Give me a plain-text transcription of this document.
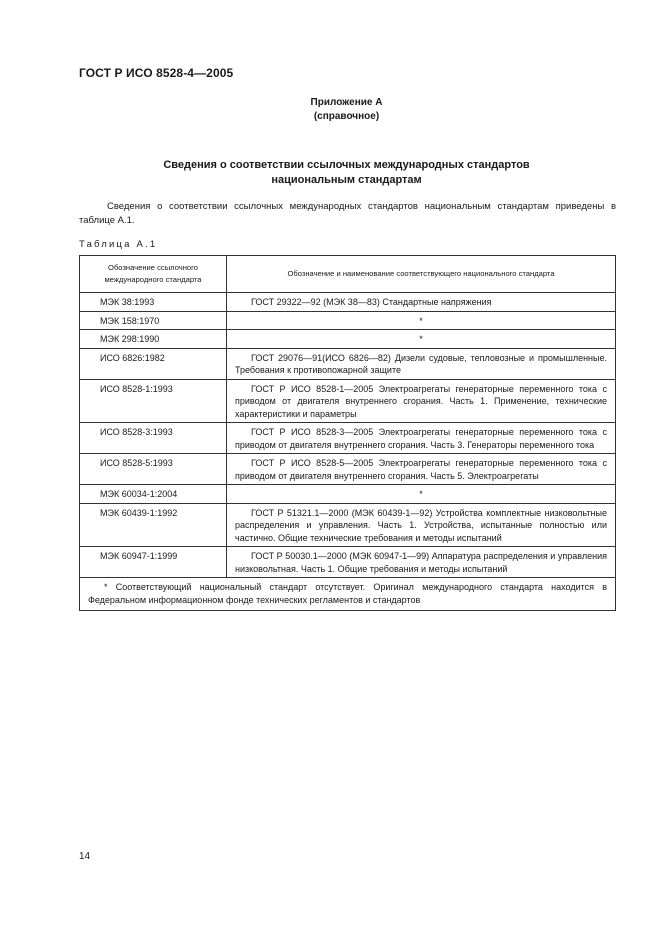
ГОСТ Р ИСО 8528-4—2005
Приложение А
(справочное)
Сведения о соответствии ссылочных международных стандартов
национальным стандартам
Сведения о соответствии ссылочных международных стандартов национальным стандартам приведены в таблице А.1.
Таблица А.1
Обозначение ссылочного международного стандарта	Обозначение и наименование соответствующего национального стандарта
МЭК 38:1993	ГОСТ 29322—92 (МЭК 38—83) Стандартные напряжения

МЭК 158:1970	*
МЭК 298:1990	*
ИСО 6826:1982	ГОСТ 29076—91(ИСО 6826—82) Дизели судовые, тепловозные и промышленные. Требования к противопожарной защите

ИСО 8528-1:1993	ГОСТ Р ИСО 8528-1—2005 Электроагрегаты генераторные переменного тока с приводом от двигателя внутреннего сгорания. Часть 1. Применение, технические характеристики и параметры

ИСО 8528-3:1993	ГОСТ Р ИСО 8528-3—2005 Электроагрегаты генераторные переменного тока с приводом от двигателя внутреннего сгорания. Часть 3. Генераторы переменного тока

ИСО 8528-5:1993	ГОСТ Р ИСО 8528-5—2005 Электроагрегаты генераторные переменного тока с приводом от двигателя внутреннего сгорания. Часть 5. Электроагрегаты

МЭК 60034-1:2004	*
МЭК 60439-1:1992	ГОСТ Р 51321.1—2000 (МЭК 60439-1—92) Устройства комплектные низковольтные распределения и управления. Часть 1. Устройства, испытанные полностью или частично. Общие технические требования и методы испытаний

МЭК 60947-1:1999	ГОСТ Р 50030.1—2000 (МЭК 60947-1—99) Аппаратура распределения и управления низковольтная. Часть 1. Общие требования и методы испытаний

* Соответствующий национальный стандарт отсутствует. Оригинал международного стандарта находится в Федеральном информационном фонде технических регламентов и стандартов	
14
